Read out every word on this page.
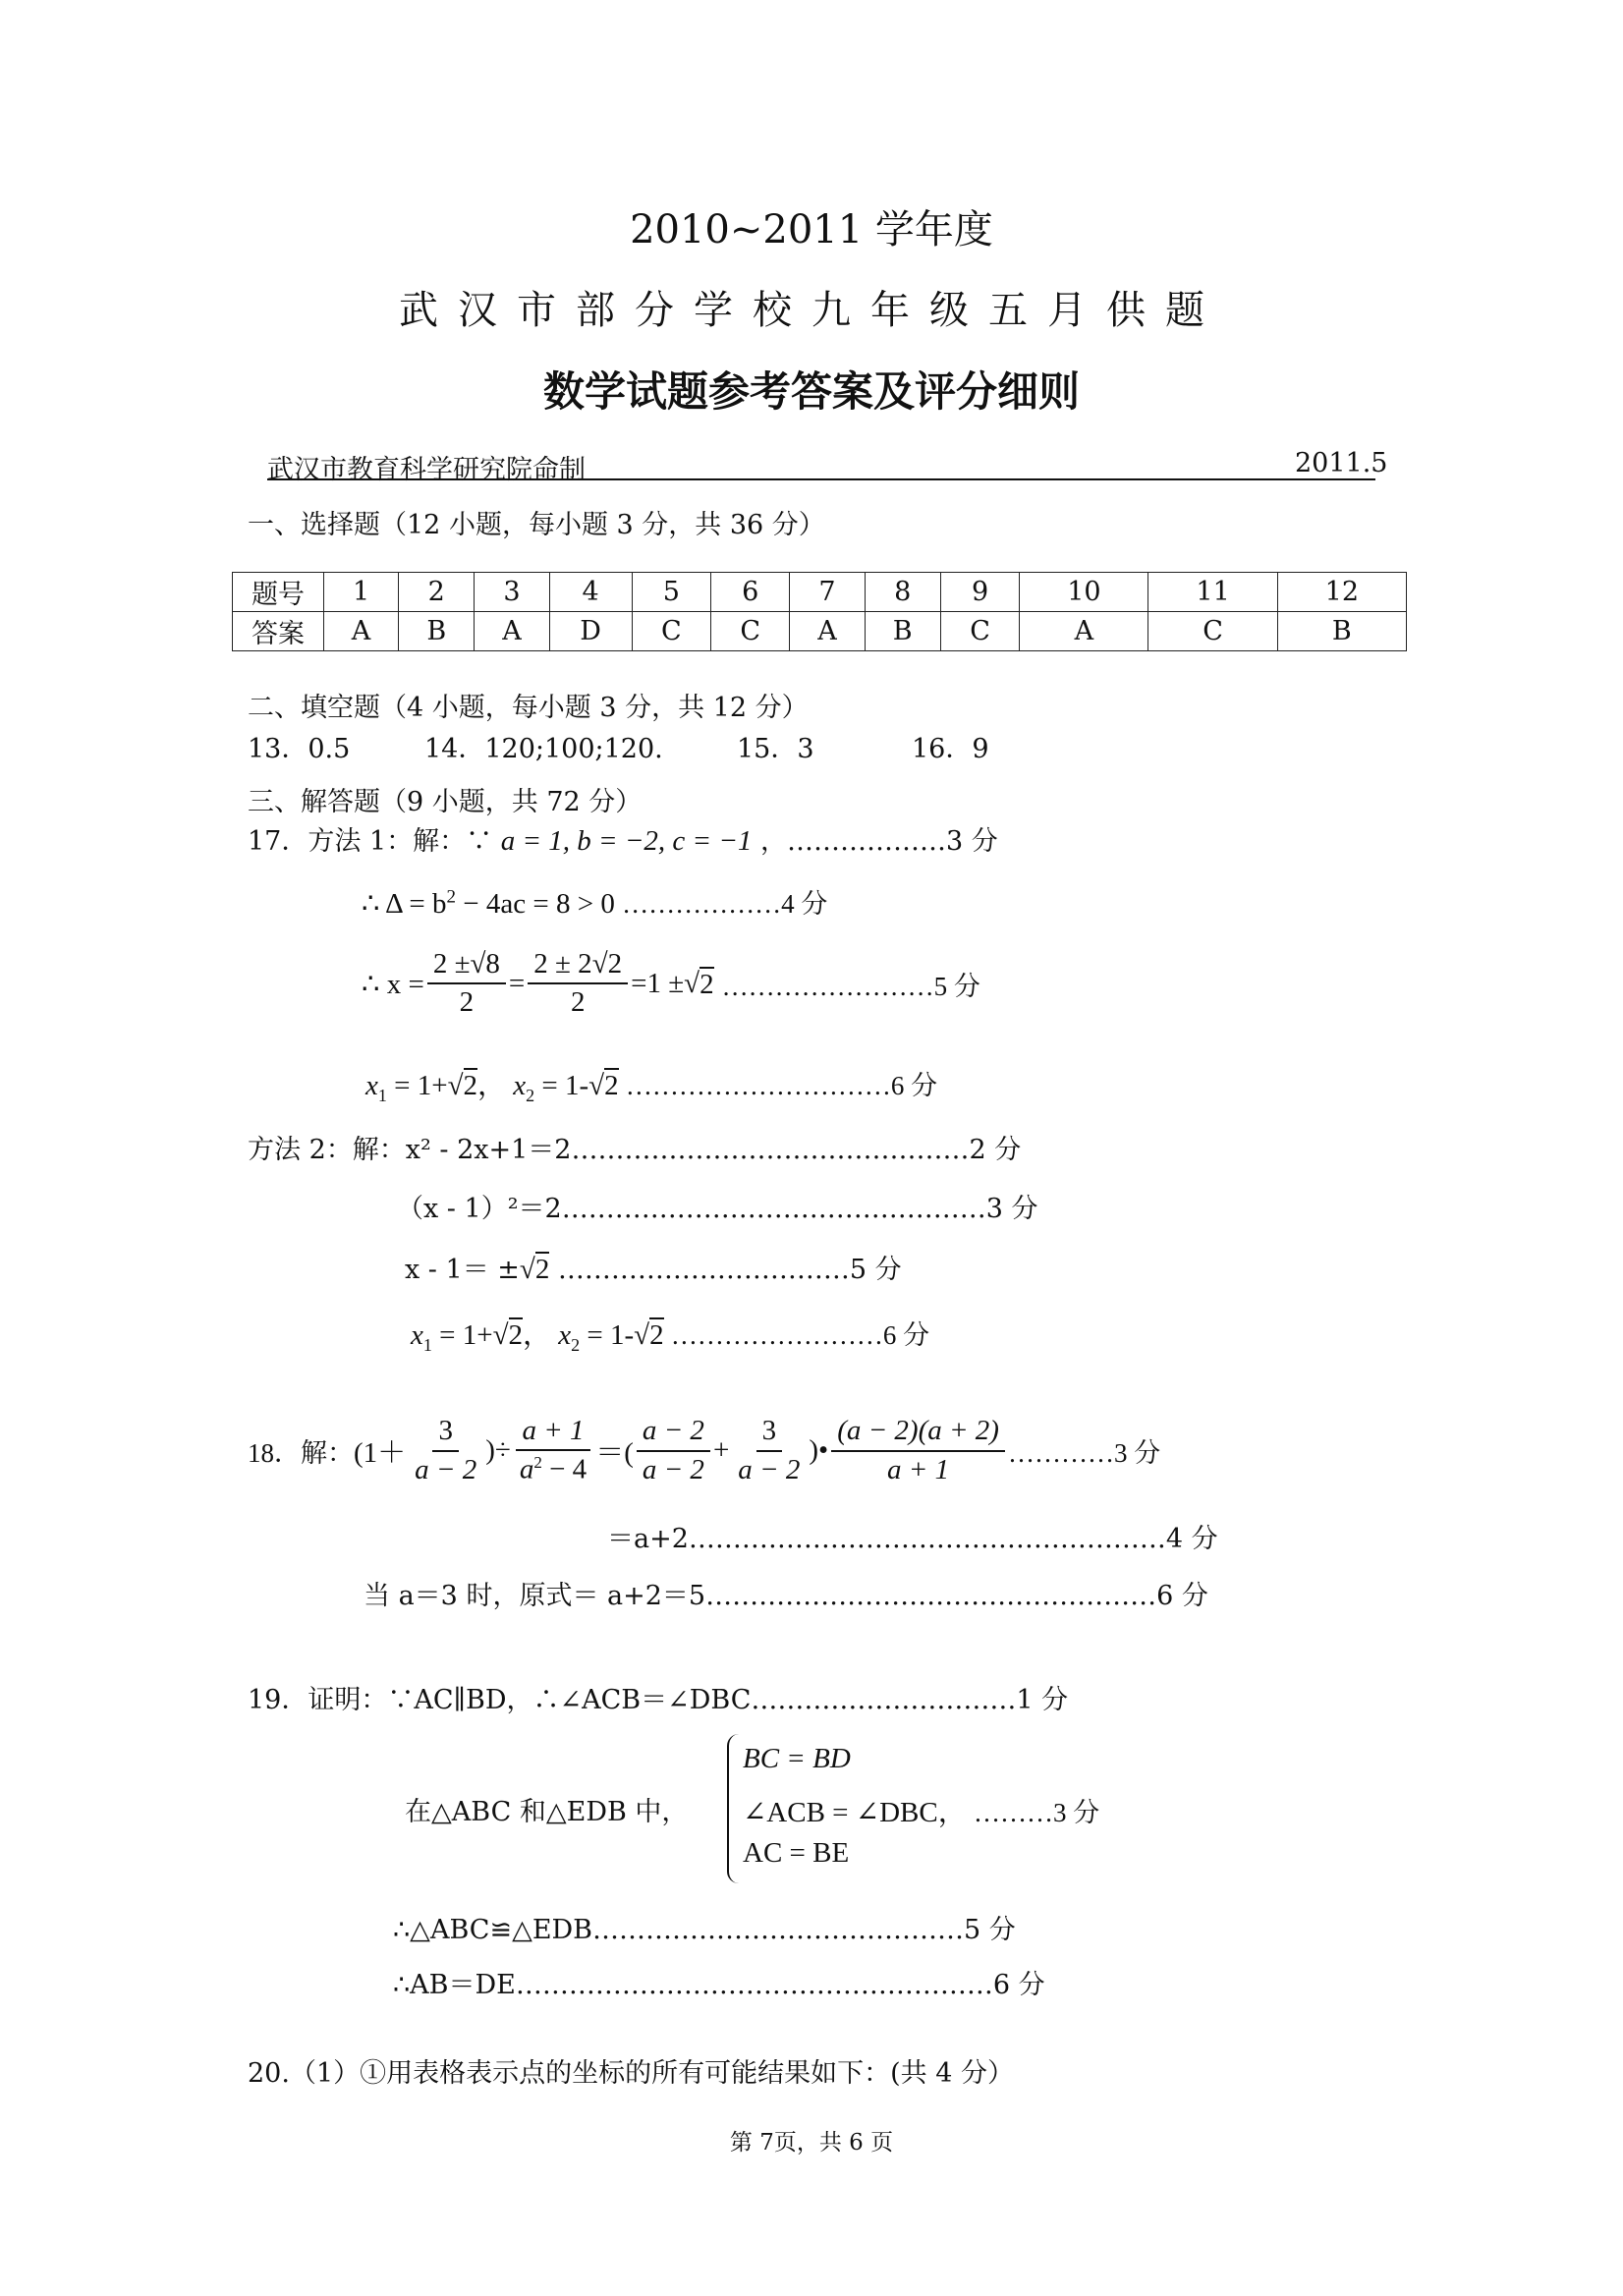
2010~2011 学年度
武汉市部分学校九年级五月供题
数学试题参考答案及评分细则
武汉市教育科学研究院命制	2011.5
一、选择题（12 小题，每小题 3 分，共 36 分）
题号	1	2	3	4	5	6	7	8	9	10	11	12
答案	A	B	A	D	C	C	A	B	C	A	C	B
二、填空题（4 小题，每小题 3 分，共 12 分）
13．0.5	14．120;100;120.	15．3	16．9
三、解答题（9 小题，共 72 分）
17．方法 1：解：∵ a = 1, b = −2, c = −1 ，………………3 分
∴ $\Delta = b^2 - 4ac = 8 > 0$ ………………4 分
∴ $x = \frac{2 \pm√8}{2} = \frac{2 \pm 2√2}{2} =1$ ± √ 2 ……………………5 分
$x_1 = 1+√2$， $x_2 = 1-√2$ …………………………6 分
方法 2：解：x² - 2x+1＝2………………………………………2 分
（x - 1）²＝2…………………………………………3 分
x - 1＝ ±√2 ……………………………5 分
$x_1 = 1+√2$， $x_2 = 1-√2$ ……………………6 分
18．解： ($1+ \frac{3}{a - 2}$ )÷ $\frac{a + 1}{a^2 - 4}$ ＝( $\frac{a - 2}{a - 2} + \frac{3}{a - 2}$ )• $\frac{(a - 2)(a + 2)}{a + 1}$ …………3 分
＝a+2………………………………………………4 分
当 a＝3 时，原式＝ a+2＝5……………………………………………6 分
19．证明：∵AC∥BD，∴∠ACB＝∠DBC…………………………1 分
在△ABC 和△EDB 中，
BC = BD
∠ACB = ∠DBC， ………3 分
AC = BE
∴△ABC≌△EDB……………………………………5 分
∴AB＝DE………………………………………………6 分
20.（1）①用表格表示点的坐标的所有可能结果如下：(共 4 分）
第 7页，共 6 页
